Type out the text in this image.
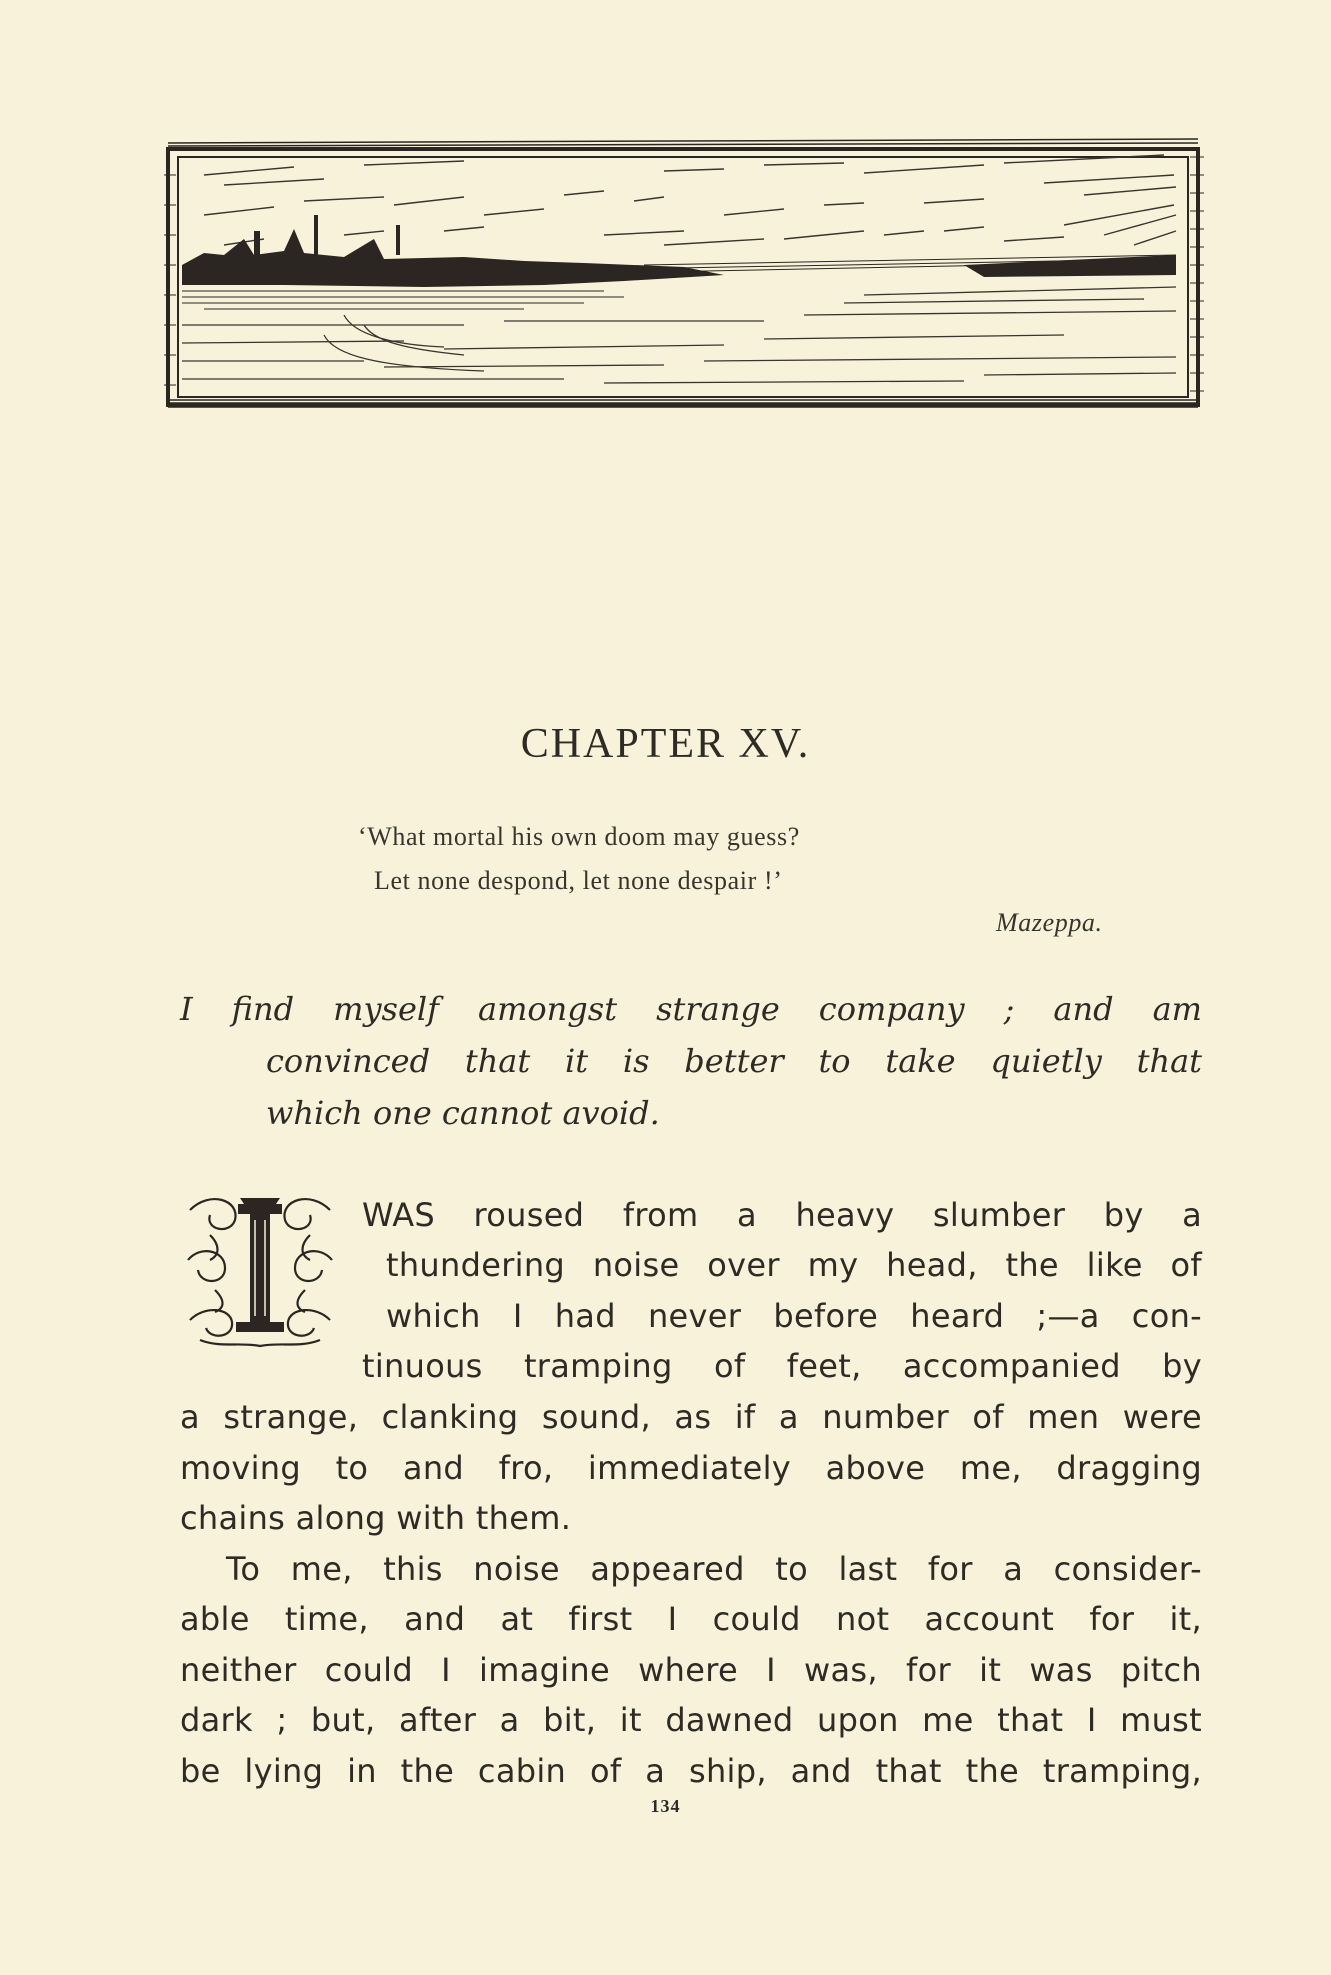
CHAPTER XV.
‘What mortal his own doom may guess?
Let none despond, let none despair !’
Mazeppa.
I find myself amongst strange company ; and am
convinced that it is better to take quietly that
which one cannot avoid.
I
WAS roused from a heavy slumber by a
thundering noise over my head, the like of
which I had never before heard ;—a con-
tinuous tramping of feet, accompanied by
a strange, clanking sound, as if a number of men were
moving to and fro, immediately above me, dragging
chains along with them.
To me, this noise appeared to last for a consider-
able time, and at first I could not account for it,
neither could I imagine where I was, for it was pitch
dark ; but, after a bit, it dawned upon me that I must
be lying in the cabin of a ship, and that the tramping,
134
